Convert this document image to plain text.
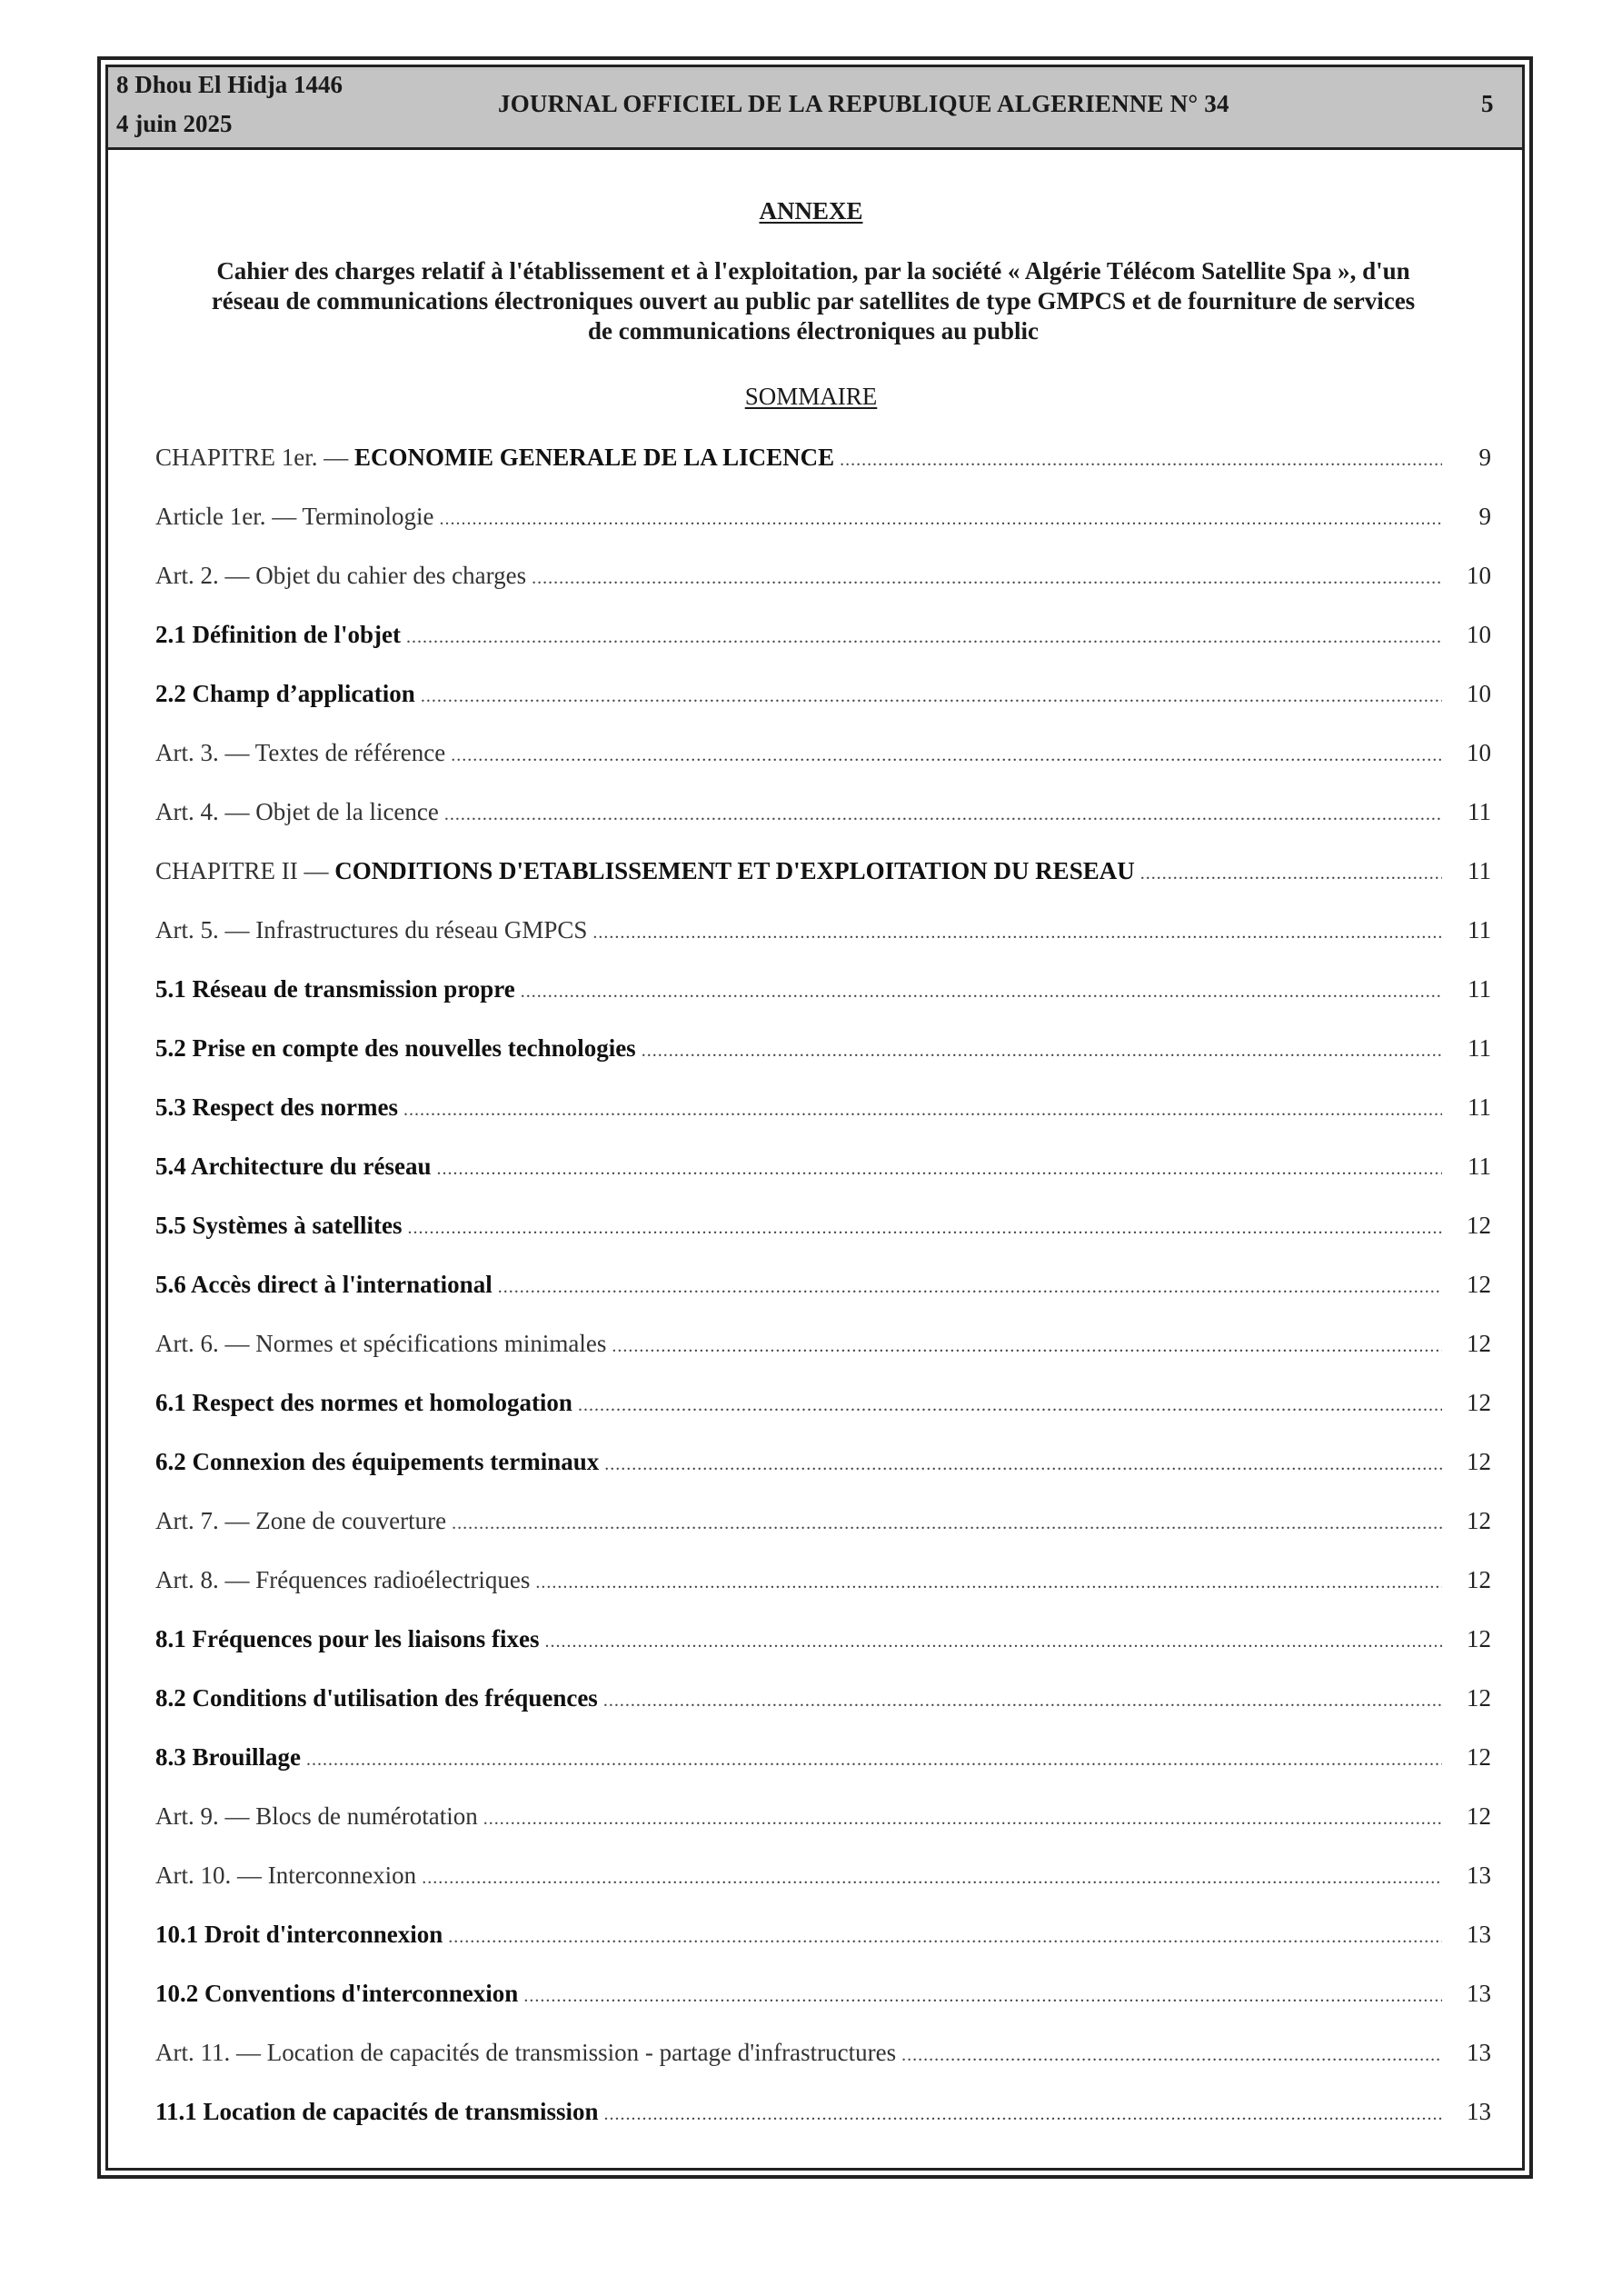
8 Dhou El Hidja 1446
4 juin 2025
JOURNAL OFFICIEL DE LA REPUBLIQUE ALGERIENNE N° 34	5
ANNEXE
Cahier des charges relatif à l'établissement et à l'exploitation, par la société « Algérie Télécom Satellite Spa », d'un
réseau de communications électroniques ouvert au public par satellites de type GMPCS et de fourniture de services
de communications électroniques au public
SOMMAIRE
CHAPITRE 1er. — ECONOMIE GENERALE DE LA LICENCE .....	9
Article 1er. — Terminologie .....	9
Art. 2. — Objet du cahier des charges .....	10
2.1 Définition de l'objet .....	10
2.2 Champ d’application .....	10
Art. 3. — Textes de référence .....	10
Art. 4. — Objet de la licence .....	11
CHAPITRE II — CONDITIONS D'ETABLISSEMENT ET D'EXPLOITATION DU RESEAU .....	11
Art. 5. — Infrastructures du réseau GMPCS .....	11
5.1 Réseau de transmission propre .....	11
5.2 Prise en compte des nouvelles technologies .....	11
5.3 Respect des normes .....	11
5.4 Architecture du réseau .....	11
5.5 Systèmes à satellites .....	12
5.6 Accès direct à l'international .....	12
Art. 6. — Normes et spécifications minimales .....	12
6.1 Respect des normes et homologation .....	12
6.2 Connexion des équipements terminaux .....	12
Art. 7. — Zone de couverture .....	12
Art. 8. — Fréquences radioélectriques .....	12
8.1 Fréquences pour les liaisons fixes .....	12
8.2 Conditions d'utilisation des fréquences .....	12
8.3 Brouillage .....	12
Art. 9. — Blocs de numérotation .....	12
Art. 10. — Interconnexion .....	13
10.1 Droit d'interconnexion .....	13
10.2 Conventions d'interconnexion .....	13
Art. 11. — Location de capacités de transmission - partage d'infrastructures .....	13
11.1 Location de capacités de transmission .....	13
